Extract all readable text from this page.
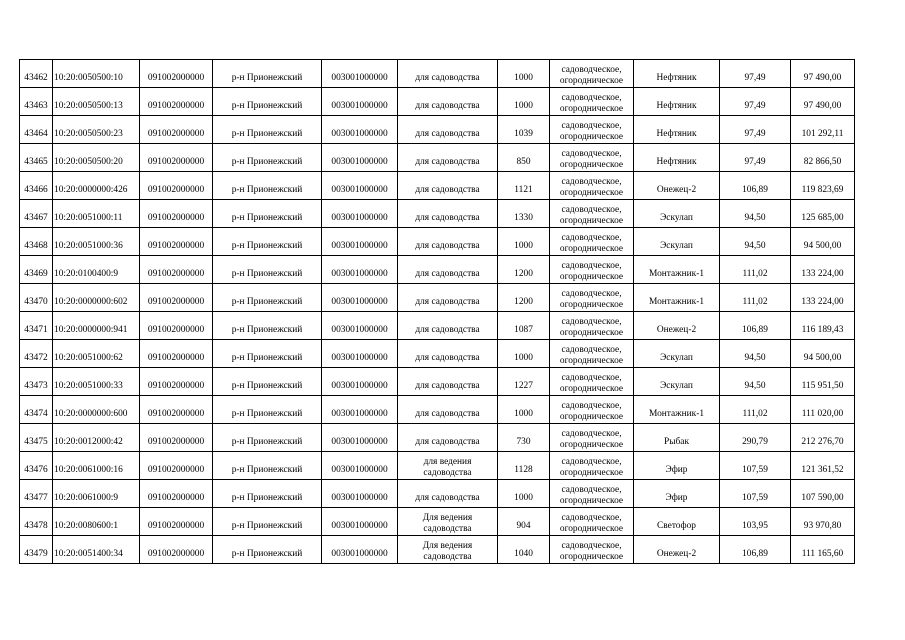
43462	10:20:0050500:10	091002000000	р-н Прионежский	003001000000	для садоводства	1000	садоводческое,
огородническое	Нефтяник	97,49	97 490,00
43463	10:20:0050500:13	091002000000	р-н Прионежский	003001000000	для садоводства	1000	садоводческое,
огородническое	Нефтяник	97,49	97 490,00
43464	10:20:0050500:23	091002000000	р-н Прионежский	003001000000	для садоводства	1039	садоводческое,
огородническое	Нефтяник	97,49	101 292,11
43465	10:20:0050500:20	091002000000	р-н Прионежский	003001000000	для садоводства	850	садоводческое,
огородническое	Нефтяник	97,49	82 866,50
43466	10:20:0000000:426	091002000000	р-н Прионежский	003001000000	для садоводства	1121	садоводческое,
огородническое	Онежец-2	106,89	119 823,69
43467	10:20:0051000:11	091002000000	р-н Прионежский	003001000000	для садоводства	1330	садоводческое,
огородническое	Эскулап	94,50	125 685,00
43468	10:20:0051000:36	091002000000	р-н Прионежский	003001000000	для садоводства	1000	садоводческое,
огородническое	Эскулап	94,50	94 500,00
43469	10:20:0100400:9	091002000000	р-н Прионежский	003001000000	для садоводства	1200	садоводческое,
огородническое	Монтажник-1	111,02	133 224,00
43470	10:20:0000000:602	091002000000	р-н Прионежский	003001000000	для садоводства	1200	садоводческое,
огородническое	Монтажник-1	111,02	133 224,00
43471	10:20:0000000:941	091002000000	р-н Прионежский	003001000000	для садоводства	1087	садоводческое,
огородническое	Онежец-2	106,89	116 189,43
43472	10:20:0051000:62	091002000000	р-н Прионежский	003001000000	для садоводства	1000	садоводческое,
огородническое	Эскулап	94,50	94 500,00
43473	10:20:0051000:33	091002000000	р-н Прионежский	003001000000	для садоводства	1227	садоводческое,
огородническое	Эскулап	94,50	115 951,50
43474	10:20:0000000:600	091002000000	р-н Прионежский	003001000000	для садоводства	1000	садоводческое,
огородническое	Монтажник-1	111,02	111 020,00
43475	10:20:0012000:42	091002000000	р-н Прионежский	003001000000	для садоводства	730	садоводческое,
огородническое	Рыбак	290,79	212 276,70
43476	10:20:0061000:16	091002000000	р-н Прионежский	003001000000	для ведения
садоводства	1128	садоводческое,
огородническое	Эфир	107,59	121 361,52
43477	10:20:0061000:9	091002000000	р-н Прионежский	003001000000	для садоводства	1000	садоводческое,
огородническое	Эфир	107,59	107 590,00
43478	10:20:0080600:1	091002000000	р-н Прионежский	003001000000	Для ведения
садоводства	904	садоводческое,
огородническое	Светофор	103,95	93 970,80
43479	10:20:0051400:34	091002000000	р-н Прионежский	003001000000	Для ведения
садоводства	1040	садоводческое,
огородническое	Онежец-2	106,89	111 165,60
